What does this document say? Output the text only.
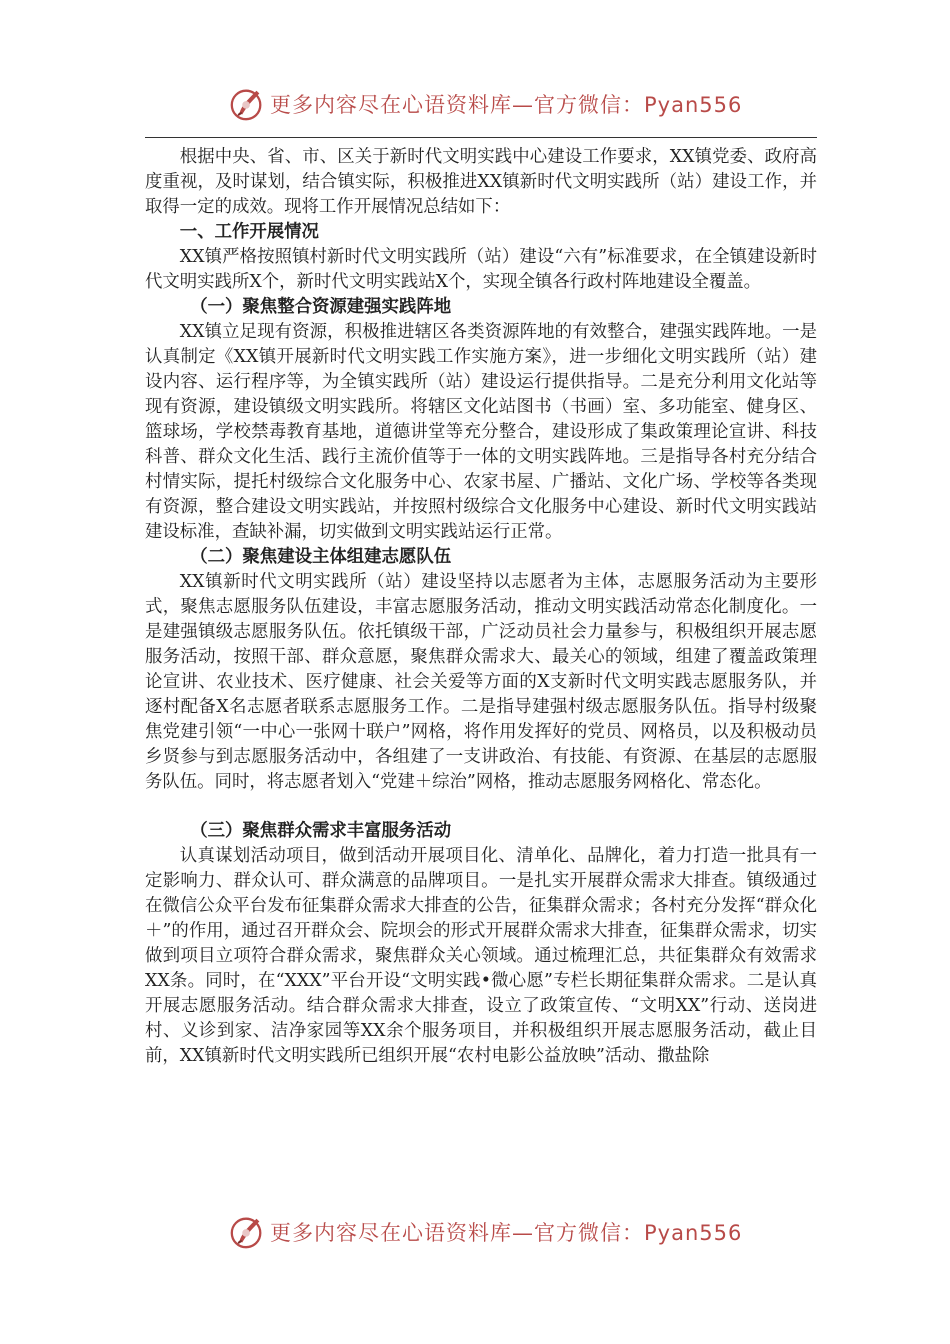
更多内容尽在心语资料库—官方微信：Pyan556

根据中央、省、市、区关于新时代文明实践中心建设工作要求，XX镇党委、政府高度重视，及时谋划，结合镇实际，积极推进XX镇新时代文明实践所（站）建设工作，并取得一定的成效。现将工作开展情况总结如下：

一、工作开展情况

XX镇严格按照镇村新时代文明实践所（站）建设“六有”标准要求，在全镇建设新时代文明实践所X个，新时代文明实践站X个，实现全镇各行政村阵地建设全覆盖。

（一）聚焦整合资源建强实践阵地

XX镇立足现有资源，积极推进辖区各类资源阵地的有效整合，建强实践阵地。一是认真制定《XX镇开展新时代文明实践工作实施方案》，进一步细化文明实践所（站）建设内容、运行程序等，为全镇实践所（站）建设运行提供指导。二是充分利用文化站等现有资源，建设镇级文明实践所。将辖区文化站图书（书画）室、多功能室、健身区、篮球场，学校禁毒教育基地，道德讲堂等充分整合，建设形成了集政策理论宣讲、科技科普、群众文化生活、践行主流价值等于一体的文明实践阵地。三是指导各村充分结合村情实际，提托村级综合文化服务中心、农家书屋、广播站、文化广场、学校等各类现有资源，整合建设文明实践站，并按照村级综合文化服务中心建设、新时代文明实践站建设标准，查缺补漏，切实做到文明实践站运行正常。

（二）聚焦建设主体组建志愿队伍

XX镇新时代文明实践所（站）建设坚持以志愿者为主体，志愿服务活动为主要形式，聚焦志愿服务队伍建设，丰富志愿服务活动，推动文明实践活动常态化制度化。一是建强镇级志愿服务队伍。依托镇级干部，广泛动员社会力量参与，积极组织开展志愿服务活动，按照干部、群众意愿，聚焦群众需求大、最关心的领域，组建了覆盖政策理论宣讲、农业技术、医疗健康、社会关爱等方面的X支新时代文明实践志愿服务队，并逐村配备X名志愿者联系志愿服务工作。二是指导建强村级志愿服务队伍。指导村级聚焦党建引领“一中心一张网十联户”网格，将作用发挥好的党员、网格员，以及积极动员乡贤参与到志愿服务活动中，各组建了一支讲政治、有技能、有资源、在基层的志愿服务队伍。同时，将志愿者划入“党建＋综治”网格，推动志愿服务网格化、常态化。

（三）聚焦群众需求丰富服务活动

认真谋划活动项目，做到活动开展项目化、清单化、品牌化，着力打造一批具有一定影响力、群众认可、群众满意的品牌项目。一是扎实开展群众需求大排查。镇级通过在微信公众平台发布征集群众需求大排查的公告，征集群众需求；各村充分发挥“群众化＋”的作用，通过召开群众会、院坝会的形式开展群众需求大排查，征集群众需求，切实做到项目立项符合群众需求，聚焦群众关心领域。通过梳理汇总，共征集群众有效需求XX条。同时，在“XXX”平台开设“文明实践•微心愿”专栏长期征集群众需求。二是认真开展志愿服务活动。结合群众需求大排查，设立了政策宣传、“文明XX”行动、送岗进村、义诊到家、洁净家园等XX余个服务项目，并积极组织开展志愿服务活动，截止目前，XX镇新时代文明实践所已组织开展“农村电影公益放映”活动、撒盐除

更多内容尽在心语资料库—官方微信：Pyan556
